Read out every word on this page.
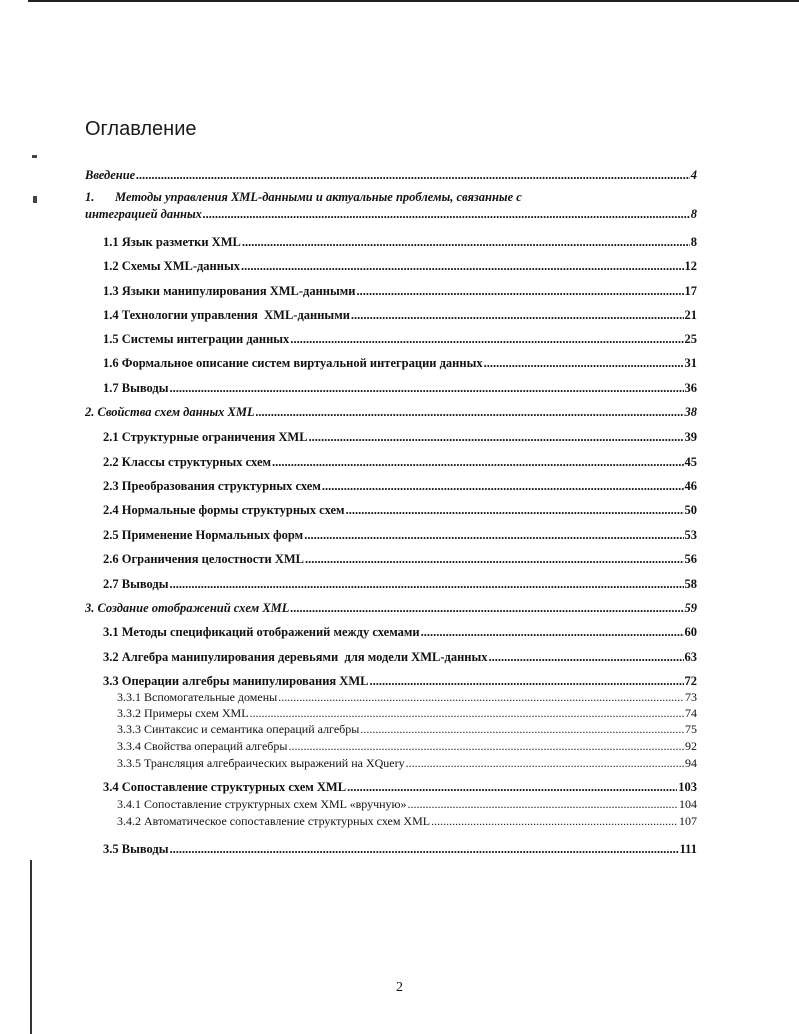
Оглавление
Введение .....	4
1. Методы управления XML-данными и актуальные проблемы, связанные с
интеграцией данных .....	8
1.1 Язык разметки XML .....	8
1.2 Схемы XML-данных .....	12
1.3 Языки манипулирования XML-данными .....	17
1.4 Технологии управления  XML-данными .....	21
1.5 Системы интеграции данных .....	25
1.6 Формальное описание систем виртуальной интеграции данных .....	31
1.7 Выводы .....	36
2. Свойства схем данных XML .....	38
2.1 Структурные ограничения XML .....	39
2.2 Классы структурных схем .....	45
2.3 Преобразования структурных схем .....	46
2.4 Нормальные формы структурных схем .....	50
2.5 Применение Нормальных форм .....	53
2.6 Ограничения целостности XML .....	56
2.7 Выводы .....	58
3. Создание отображений схем XML .....	59
3.1 Методы спецификаций отображений между схемами .....	60
3.2 Алгебра манипулирования деревьями  для модели XML-данных .....	63
3.3 Операции алгебры манипулирования XML .....	72
3.3.1 Вспомогательные домены .....	73
3.3.2 Примеры схем XML .....	74
3.3.3 Синтаксис и семантика операций алгебры .....	75
3.3.4 Свойства операций алгебры .....	92
3.3.5 Трансляция алгебраических выражений на XQuery .....	94
3.4 Сопоставление структурных схем XML .....	103
3.4.1 Сопоставление структурных схем XML «вручную» .....	104
3.4.2 Автоматическое сопоставление структурных схем XML .....	107
3.5 Выводы .....	111
2
